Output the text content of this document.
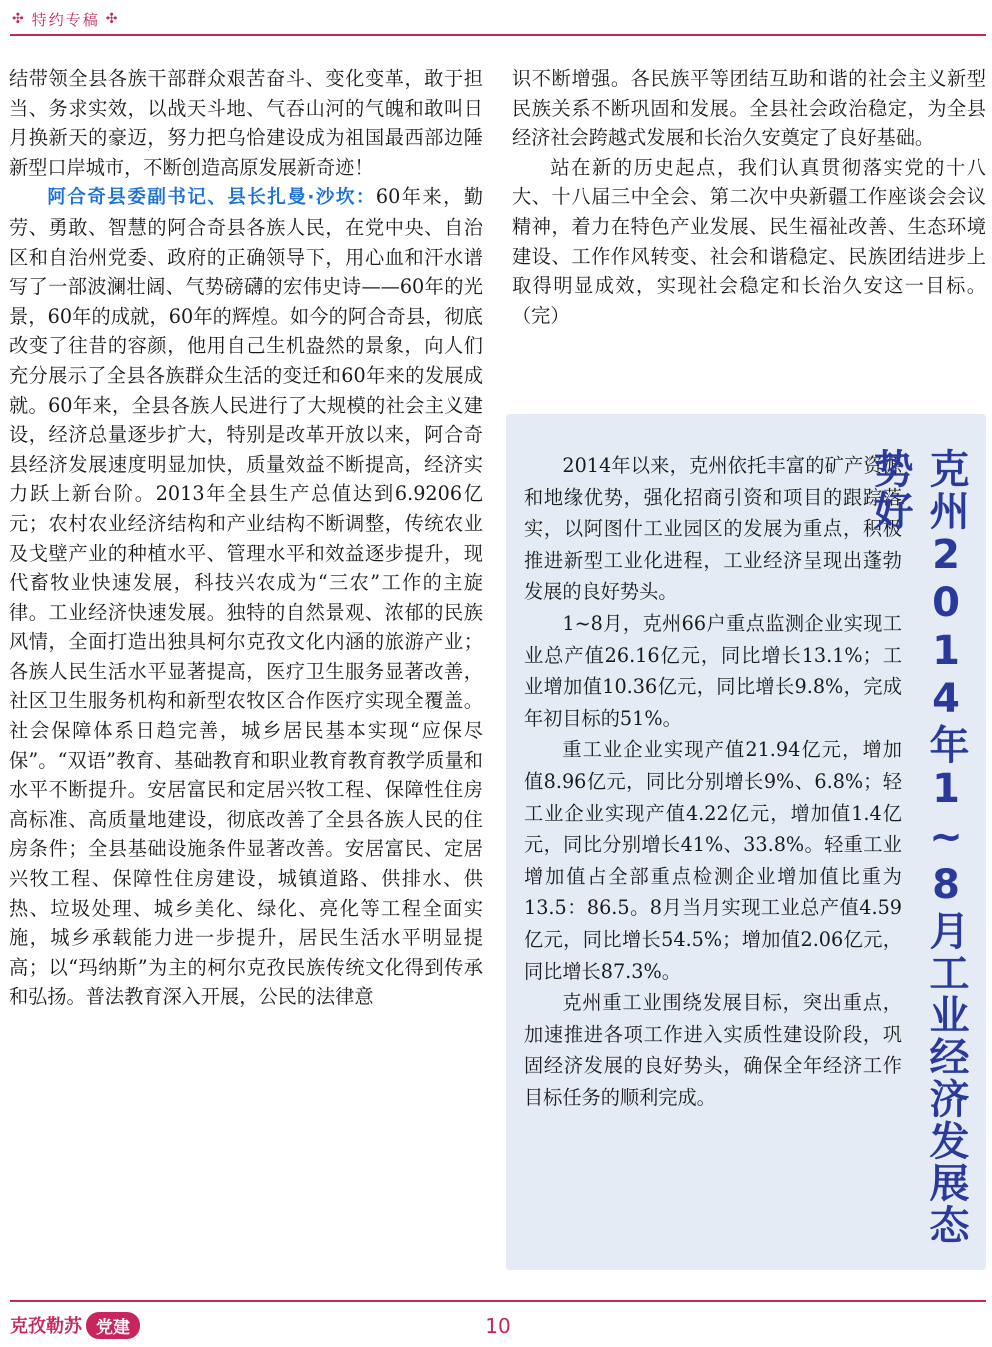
✣ 特约专稿 ✣

结带领全县各族干部群众艰苦奋斗、变化变革，敢于担当、务求实效，以战天斗地、气吞山河的气魄和敢叫日月换新天的豪迈，努力把乌恰建设成为祖国最西部边陲新型口岸城市，不断创造高原发展新奇迹！

阿合奇县委副书记、县长扎曼·沙坎：60年来，勤劳、勇敢、智慧的阿合奇县各族人民，在党中央、自治区和自治州党委、政府的正确领导下，用心血和汗水谱写了一部波澜壮阔、气势磅礴的宏伟史诗——60年的光景，60年的成就，60年的辉煌。如今的阿合奇县，彻底改变了往昔的容颜，他用自己生机盎然的景象，向人们充分展示了全县各族群众生活的变迁和60年来的发展成就。60年来，全县各族人民进行了大规模的社会主义建设，经济总量逐步扩大，特别是改革开放以来，阿合奇县经济发展速度明显加快，质量效益不断提高，经济实力跃上新台阶。2013年全县生产总值达到6.9206亿元；农村农业经济结构和产业结构不断调整，传统农业及戈壁产业的种植水平、管理水平和效益逐步提升，现代畜牧业快速发展，科技兴农成为“三农”工作的主旋律。工业经济快速发展。独特的自然景观、浓郁的民族风情，全面打造出独具柯尔克孜文化内涵的旅游产业；各族人民生活水平显著提高，医疗卫生服务显著改善，社区卫生服务机构和新型农牧区合作医疗实现全覆盖。社会保障体系日趋完善，城乡居民基本实现“应保尽保”。“双语”教育、基础教育和职业教育教育教学质量和水平不断提升。安居富民和定居兴牧工程、保障性住房高标准、高质量地建设，彻底改善了全县各族人民的住房条件；全县基础设施条件显著改善。安居富民、定居兴牧工程、保障性住房建设，城镇道路、供排水、供热、垃圾处理、城乡美化、绿化、亮化等工程全面实施，城乡承载能力进一步提升，居民生活水平明显提高；以“玛纳斯”为主的柯尔克孜民族传统文化得到传承和弘扬。普法教育深入开展，公民的法律意

识不断增强。各民族平等团结互助和谐的社会主义新型民族关系不断巩固和发展。全县社会政治稳定，为全县经济社会跨越式发展和长治久安奠定了良好基础。

站在新的历史起点，我们认真贯彻落实党的十八大、十八届三中全会、第二次中央新疆工作座谈会会议精神，着力在特色产业发展、民生福祉改善、生态环境建设、工作作风转变、社会和谐稳定、民族团结进步上取得明显成效，实现社会稳定和长治久安这一目标。（完）

2014年以来，克州依托丰富的矿产资源和地缘优势，强化招商引资和项目的跟踪落实，以阿图什工业园区的发展为重点，积极推进新型工业化进程，工业经济呈现出蓬勃发展的良好势头。

1~8月，克州66户重点监测企业实现工业总产值26.16亿元，同比增长13.1%；工业增加值10.36亿元，同比增长9.8%，完成年初目标的51%。

重工业企业实现产值21.94亿元，增加值8.96亿元，同比分别增长9%、6.8%；轻工业企业实现产值4.22亿元，增加值1.4亿元，同比分别增长41%、33.8%。轻重工业增加值占全部重点检测企业增加值比重为13.5：86.5。8月当月实现工业总产值4.59亿元，同比增长54.5%；增加值2.06亿元，同比增长87.3%。

克州重工业围绕发展目标，突出重点，加速推进各项工作进入实质性建设阶段，巩固经济发展的良好势头，确保全年经济工作目标任务的顺利完成。	克州2014年1~8月工业经济发展态势好
克孜勒苏 党建	10
